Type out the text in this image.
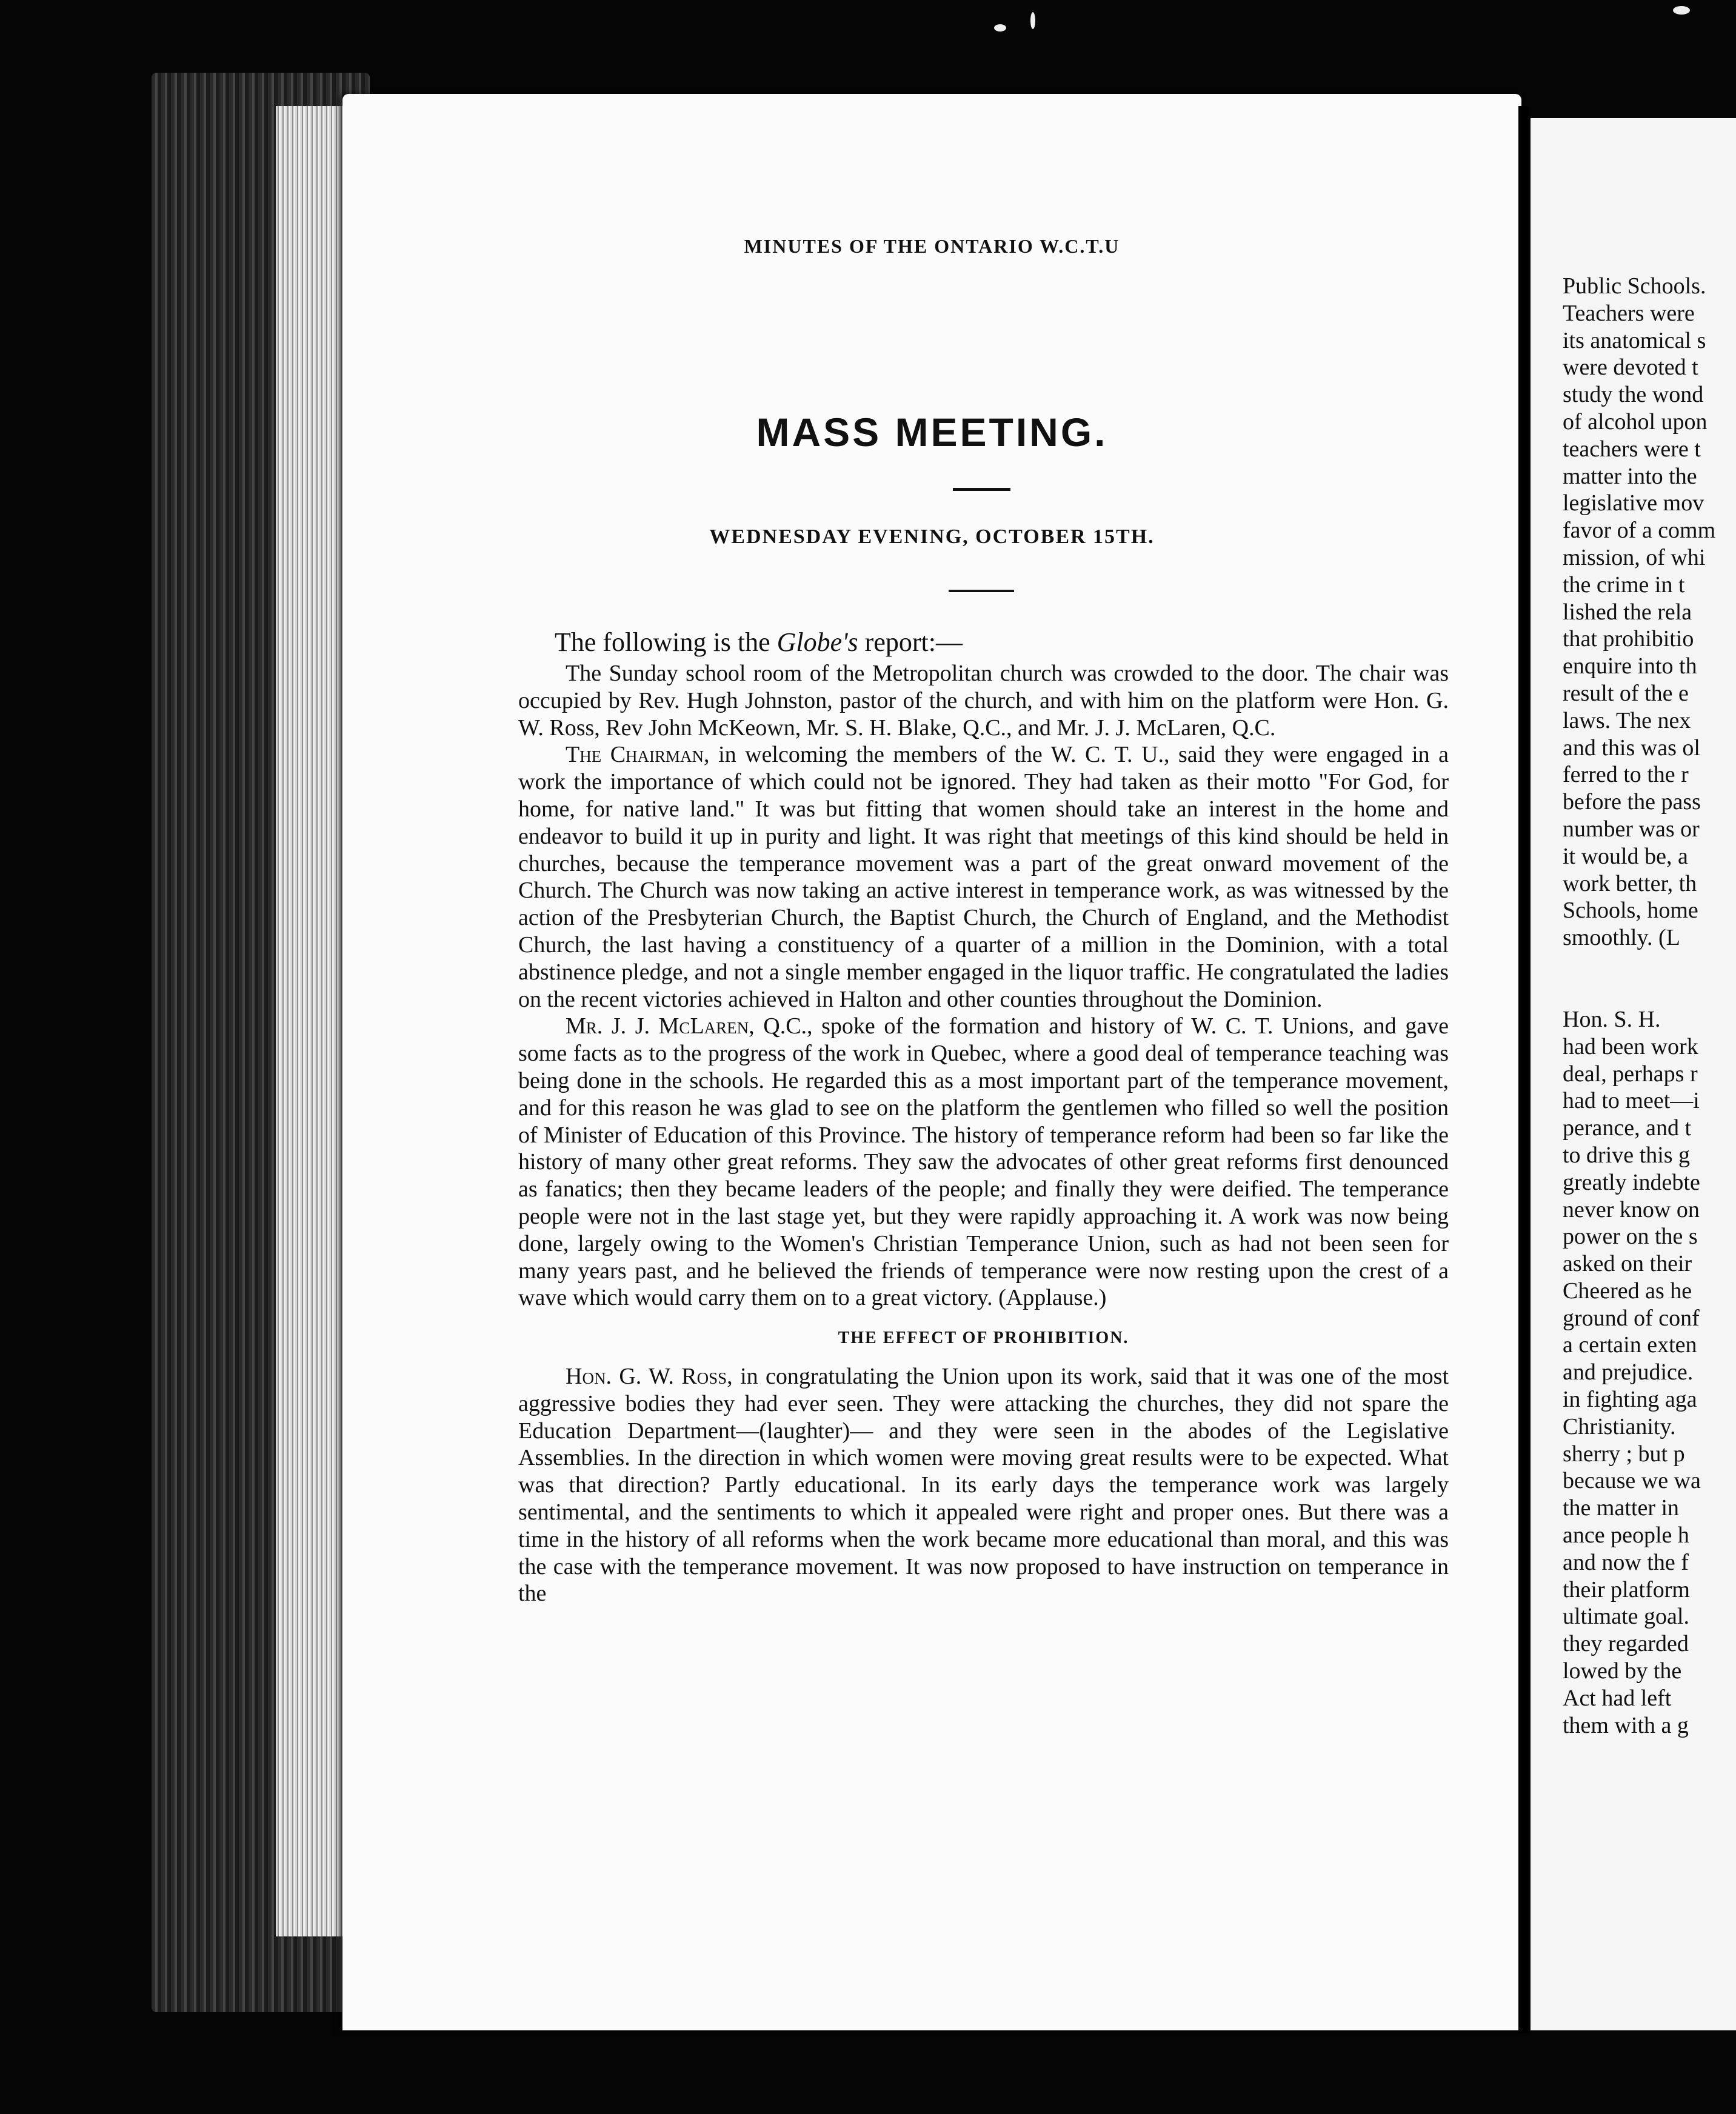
MINUTES OF THE ONTARIO W.C.T.U
MASS MEETING.
WEDNESDAY EVENING, OCTOBER 15TH.
The following is the Globe's report:—

The Sunday school room of the Metropolitan church was crowded to the door. The chair was occupied by Rev. Hugh Johnston, pastor of the church, and with him on the platform were Hon. G. W. Ross, Rev John McKeown, Mr. S. H. Blake, Q.C., and Mr. J. J. McLaren, Q.C.

The Chairman, in welcoming the members of the W. C. T. U., said they were engaged in a work the importance of which could not be ignored. They had taken as their motto "For God, for home, for native land." It was but fitting that women should take an interest in the home and endeavor to build it up in purity and light. It was right that meetings of this kind should be held in churches, because the temperance movement was a part of the great onward movement of the Church. The Church was now taking an active interest in temperance work, as was witnessed by the action of the Presbyterian Church, the Baptist Church, the Church of England, and the Methodist Church, the last having a constituency of a quarter of a million in the Dominion, with a total abstinence pledge, and not a single member engaged in the liquor traffic. He congratulated the ladies on the recent victories achieved in Halton and other counties throughout the Dominion.

Mr. J. J. McLaren, Q.C., spoke of the formation and history of W. C. T. Unions, and gave some facts as to the progress of the work in Quebec, where a good deal of temperance teaching was being done in the schools. He regarded this as a most important part of the temperance movement, and for this reason he was glad to see on the platform the gentlemen who filled so well the position of Minister of Education of this Province. The history of temperance reform had been so far like the history of many other great reforms. They saw the advocates of other great reforms first denounced as fanatics; then they became leaders of the people; and finally they were deified. The temperance people were not in the last stage yet, but they were rapidly approaching it. A work was now being done, largely owing to the Women's Christian Temperance Union, such as had not been seen for many years past, and he believed the friends of temperance were now resting upon the crest of a wave which would carry them on to a great victory. (Applause.)

THE EFFECT OF PROHIBITION.

Hon. G. W. Ross, in congratulating the Union upon its work, said that it was one of the most aggressive bodies they had ever seen. They were attacking the churches, they did not spare the Education Department—(laughter)— and they were seen in the abodes of the Legislative Assemblies. In the direction in which women were moving great results were to be expected. What was that direction? Partly educational. In its early days the temperance work was largely sentimental, and the sentiments to which it appealed were right and proper ones. But there was a time in the history of all reforms when the work became more educational than moral, and this was the case with the temperance movement. It was now proposed to have instruction on temperance in the

Public Schools.
Teachers were
its anatomical s
were devoted t
study the wond
of alcohol upon
teachers were t
matter into the
legislative mov
favor of a comm
mission, of whi
the crime in t
lished the rela
that prohibitio
enquire into th
result of the e
laws. The nex
and this was ol
ferred to the r
before the pass
number was or
it would be, a
work better, th
Schools, home
smoothly. (L
Hon. S. H.
had been work
deal, perhaps r
had to meet—i
perance, and t
to drive this g
greatly indebte
never know on
power on the s
asked on their
Cheered as he
ground of conf
a certain exten
and prejudice.
in fighting aga
Christianity.
sherry ; but p
because we wa
the matter in
ance people h
and now the f
their platform
ultimate goal.
they regarded
lowed by the
Act had left
them with a g
